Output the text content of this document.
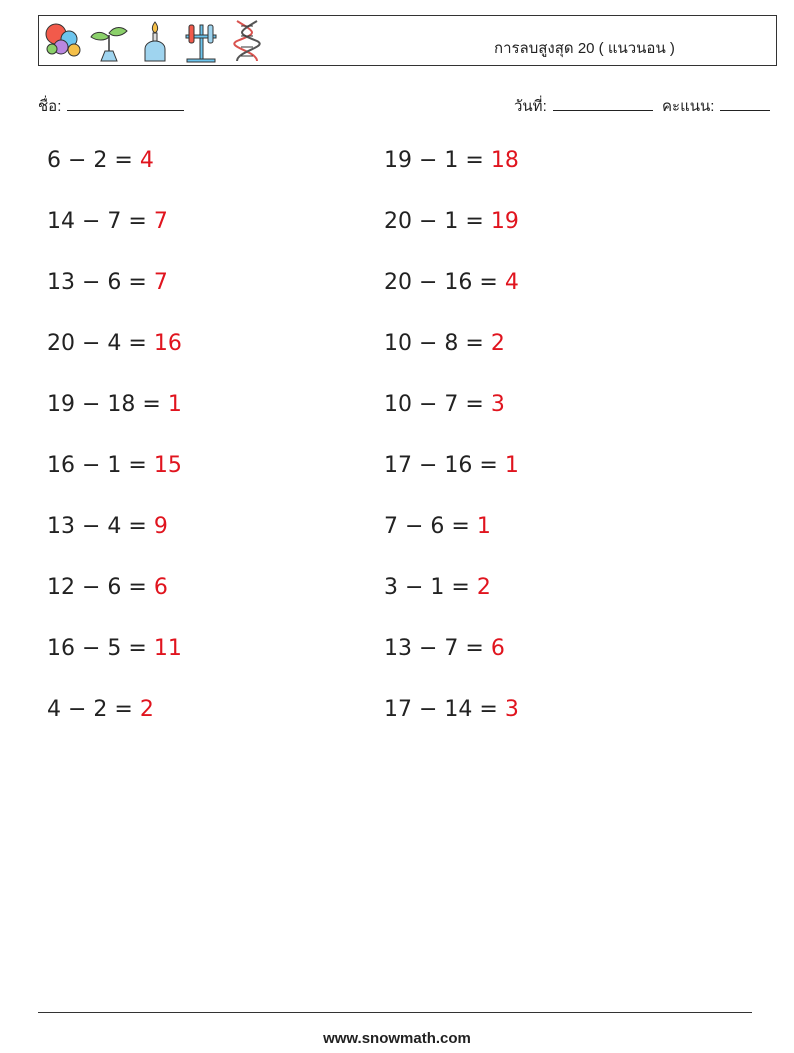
การลบสูงสุด 20 ( แนวนอน )
ชื่อ:	วันที่:	คะแนน:
6 − 2 = 4	19 − 1 = 18
14 − 7 = 7	20 − 1 = 19
13 − 6 = 7	20 − 16 = 4
20 − 4 = 16	10 − 8 = 2
19 − 18 = 1	10 − 7 = 3
16 − 1 = 15	17 − 16 = 1
13 − 4 = 9	7 − 6 = 1
12 − 6 = 6	3 − 1 = 2
16 − 5 = 11	13 − 7 = 6
4 − 2 = 2	17 − 14 = 3
www.snowmath.com
